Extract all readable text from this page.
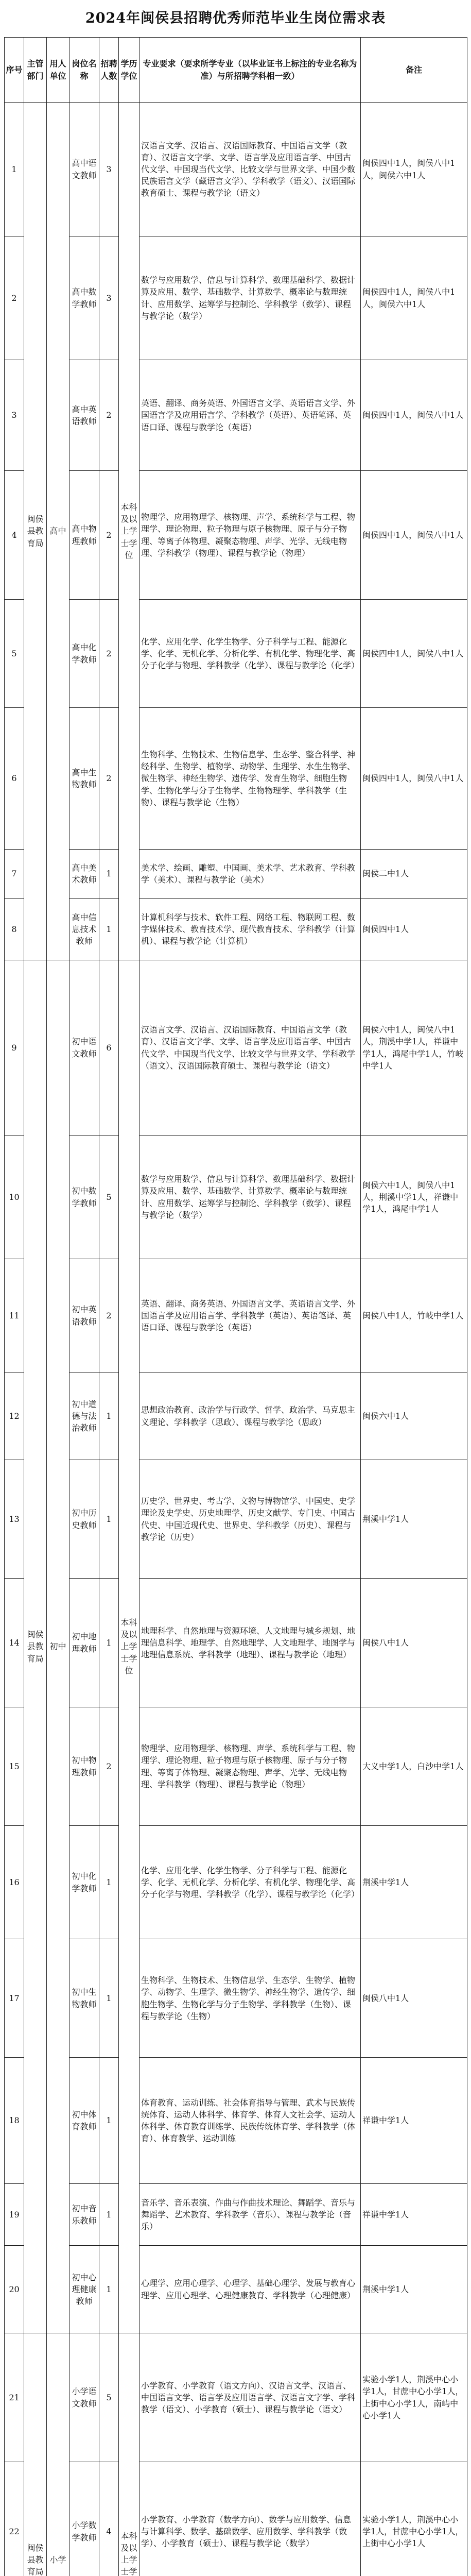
2024年闽侯县招聘优秀师范毕业生岗位需求表
序号	主管部门	用人单位	岗位名称	招聘人数	学历学位	专业要求（要求所学专业（以毕业证书上标注的专业名称为准）与所招聘学科相一致）	备注
1	闽侯县教育局	高中	高中语文教师	3	本科及以上学士学位	汉语言文学、汉语言、汉语国际教育、中国语言文学（教育）、汉语言文字学、文学、语言学及应用语言学、中国古代文学、中国现当代文学、比较文学与世界文学、中国少数民族语言文学（藏语言文学）、学科教学（语文）、汉语国际教育硕士、课程与教学论（语文）	闽侯四中1人，闽侯八中1人，闽侯六中1人
2			高中数学教师	3		数学与应用数学、信息与计算科学、数理基础科学、数据计算及应用、数学、基础数学、计算数学、概率论与数理统计、应用数学、运筹学与控制论、学科教学（数学）、课程与教学论（数学）	闽侯四中1人，闽侯八中1人，闽侯六中1人
3			高中英语教师	2		英语、翻译、商务英语、外国语言文学、英语语言文学、外国语言学及应用语言学、学科教学（英语）、英语笔译、英语口译、课程与教学论（英语）	闽侯四中1人，闽侯八中1人
4			高中物理教师	2		物理学、应用物理学、核物理、声学、系统科学与工程、物理学、理论物理、粒子物理与原子核物理、原子与分子物理、等离子体物理、凝聚态物理、声学、光学、无线电物理、学科教学（物理）、课程与教学论（物理）	闽侯四中1人，闽侯八中1人
5			高中化学教师	2		化学、应用化学、化学生物学、分子科学与工程、能源化学、化学、无机化学、分析化学、有机化学、物理化学、高分子化学与物理、学科教学（化学）、课程与教学论（化学）	闽侯四中1人，闽侯八中1人
6			高中生物教师	2		生物科学、生物技术、生物信息学、生态学、整合科学、神经科学、生物学、植物学、动物学、生理学、水生生物学、微生物学、神经生物学、遗传学、发育生物学、细胞生物学、生物化学与分子生物学、生物物理学、学科教学（生物）、课程与教学论（生物）	闽侯四中1人，闽侯八中1人
7			高中美术教师	1		美术学、绘画、雕塑、中国画、美术学、艺术教育、学科教学（美术）、课程与教学论（美术）	闽侯二中1人
8			高中信息技术教师	1		计算机科学与技术、软件工程、网络工程、物联网工程、数字媒体技术、教育技术学、现代教育技术、学科教学（计算机）、课程与教学论（计算机）	闽侯四中1人
9	闽侯县教育局	初中	初中语文教师	6	本科及以上学士学位	汉语言文学、汉语言、汉语国际教育、中国语言文学（教育）、汉语言文字学、文学、语言学及应用语言学、中国古代文学、中国现当代文学、比较文学与世界文学、学科教学（语文）、汉语国际教育硕士、课程与教学论（语文）	闽侯六中1人，闽侯八中1人，荆溪中学1人，祥谦中学1人，鸿尾中学1人，竹岐中学1人
10			初中数学教师	5		数学与应用数学、信息与计算科学、数理基础科学、数据计算及应用、数学、基础数学、计算数学、概率论与数理统计、应用数学、运筹学与控制论、学科教学（数学）、课程与教学论（数学）	闽侯六中1人，闽侯八中1人，荆溪中学1人，祥谦中学1人，鸿尾中学1人
11			初中英语教师	2		英语、翻译、商务英语、外国语言文学、英语语言文学、外国语言学及应用语言学、学科教学（英语）、英语笔译、英语口译、课程与教学论（英语）	闽侯八中1人，竹岐中学1人
12			初中道德与法治教师	1		思想政治教育、政治学与行政学、哲学、政治学、马克思主义理论、学科教学（思政）、课程与教学论（思政）	闽侯六中1人
13			初中历史教师	1		历史学、世界史、考古学、文物与博物馆学、中国史、史学理论及史学史、历史地理学、历史文献学、专门史、中国古代史、中国近现代史、世界史、学科教学（历史）、课程与教学论（历史）	荆溪中学1人
14			初中地理教师	1		地理科学、自然地理与资源环境、人文地理与城乡规划、地理信息科学、地理学、自然地理学、人文地理学、地图学与地理信息系统、学科教学（地理）、课程与教学论（地理）	闽侯八中1人
15			初中物理教师	2		物理学、应用物理学、核物理、声学、系统科学与工程、物理学、理论物理、粒子物理与原子核物理、原子与分子物理、等离子体物理、凝聚态物理、声学、光学、无线电物理、学科教学（物理）、课程与教学论（物理）	大义中学1人，白沙中学1人
16			初中化学教师	1		化学、应用化学、化学生物学、分子科学与工程、能源化学、化学、无机化学、分析化学、有机化学、物理化学、高分子化学与物理、学科教学（化学）、课程与教学论（化学）	荆溪中学1人
17			初中生物教师	1		生物科学、生物技术、生物信息学、生态学、生物学、植物学、动物学、生理学、微生物学、神经生物学、遗传学、细胞生物学、生物化学与分子生物学、学科教学（生物）、课程与教学论（生物）	闽侯八中1人
18			初中体育教师	1		体育教育、运动训练、社会体育指导与管理、武术与民族传统体育、运动人体科学、体育学、体育人文社会学、运动人体科学、体育教育训练学、民族传统体育学、学科教学（体育）、体育教学、运动训练	祥谦中学1人
19			初中音乐教师	1		音乐学、音乐表演、作曲与作曲技术理论、舞蹈学、音乐与舞蹈学、艺术教育、学科教学（音乐）、课程与教学论（音乐）	祥谦中学1人
20			初中心理健康教师	1		心理学、应用心理学、心理学、基础心理学、发展与教育心理学、应用心理学、心理健康教育、学科教学（心理健康）	荆溪中学1人
21	闽侯县教育局	小学	小学语文教师	5	本科及以上学士学	小学教育、小学教育（语文方向）、汉语言文学、汉语言、中国语言文学、语言学及应用语言学、汉语言文字学、学科教学（语文）、小学教育（硕士）、课程与教学论（语文）	实验小学1人，荆溪中心小学1人，甘蔗中心小学1人，上街中心小学1人，南屿中心小学1人
22			小学数学教师	4		小学教育、小学教育（数学方向）、数学与应用数学、信息与计算科学、数学、基础数学、应用数学、学科教学（数学）、小学教育（硕士）、课程与教学论（数学）	实验小学1人，荆溪中心小学1人，甘蔗中心小学1人，上街中心小学1人
